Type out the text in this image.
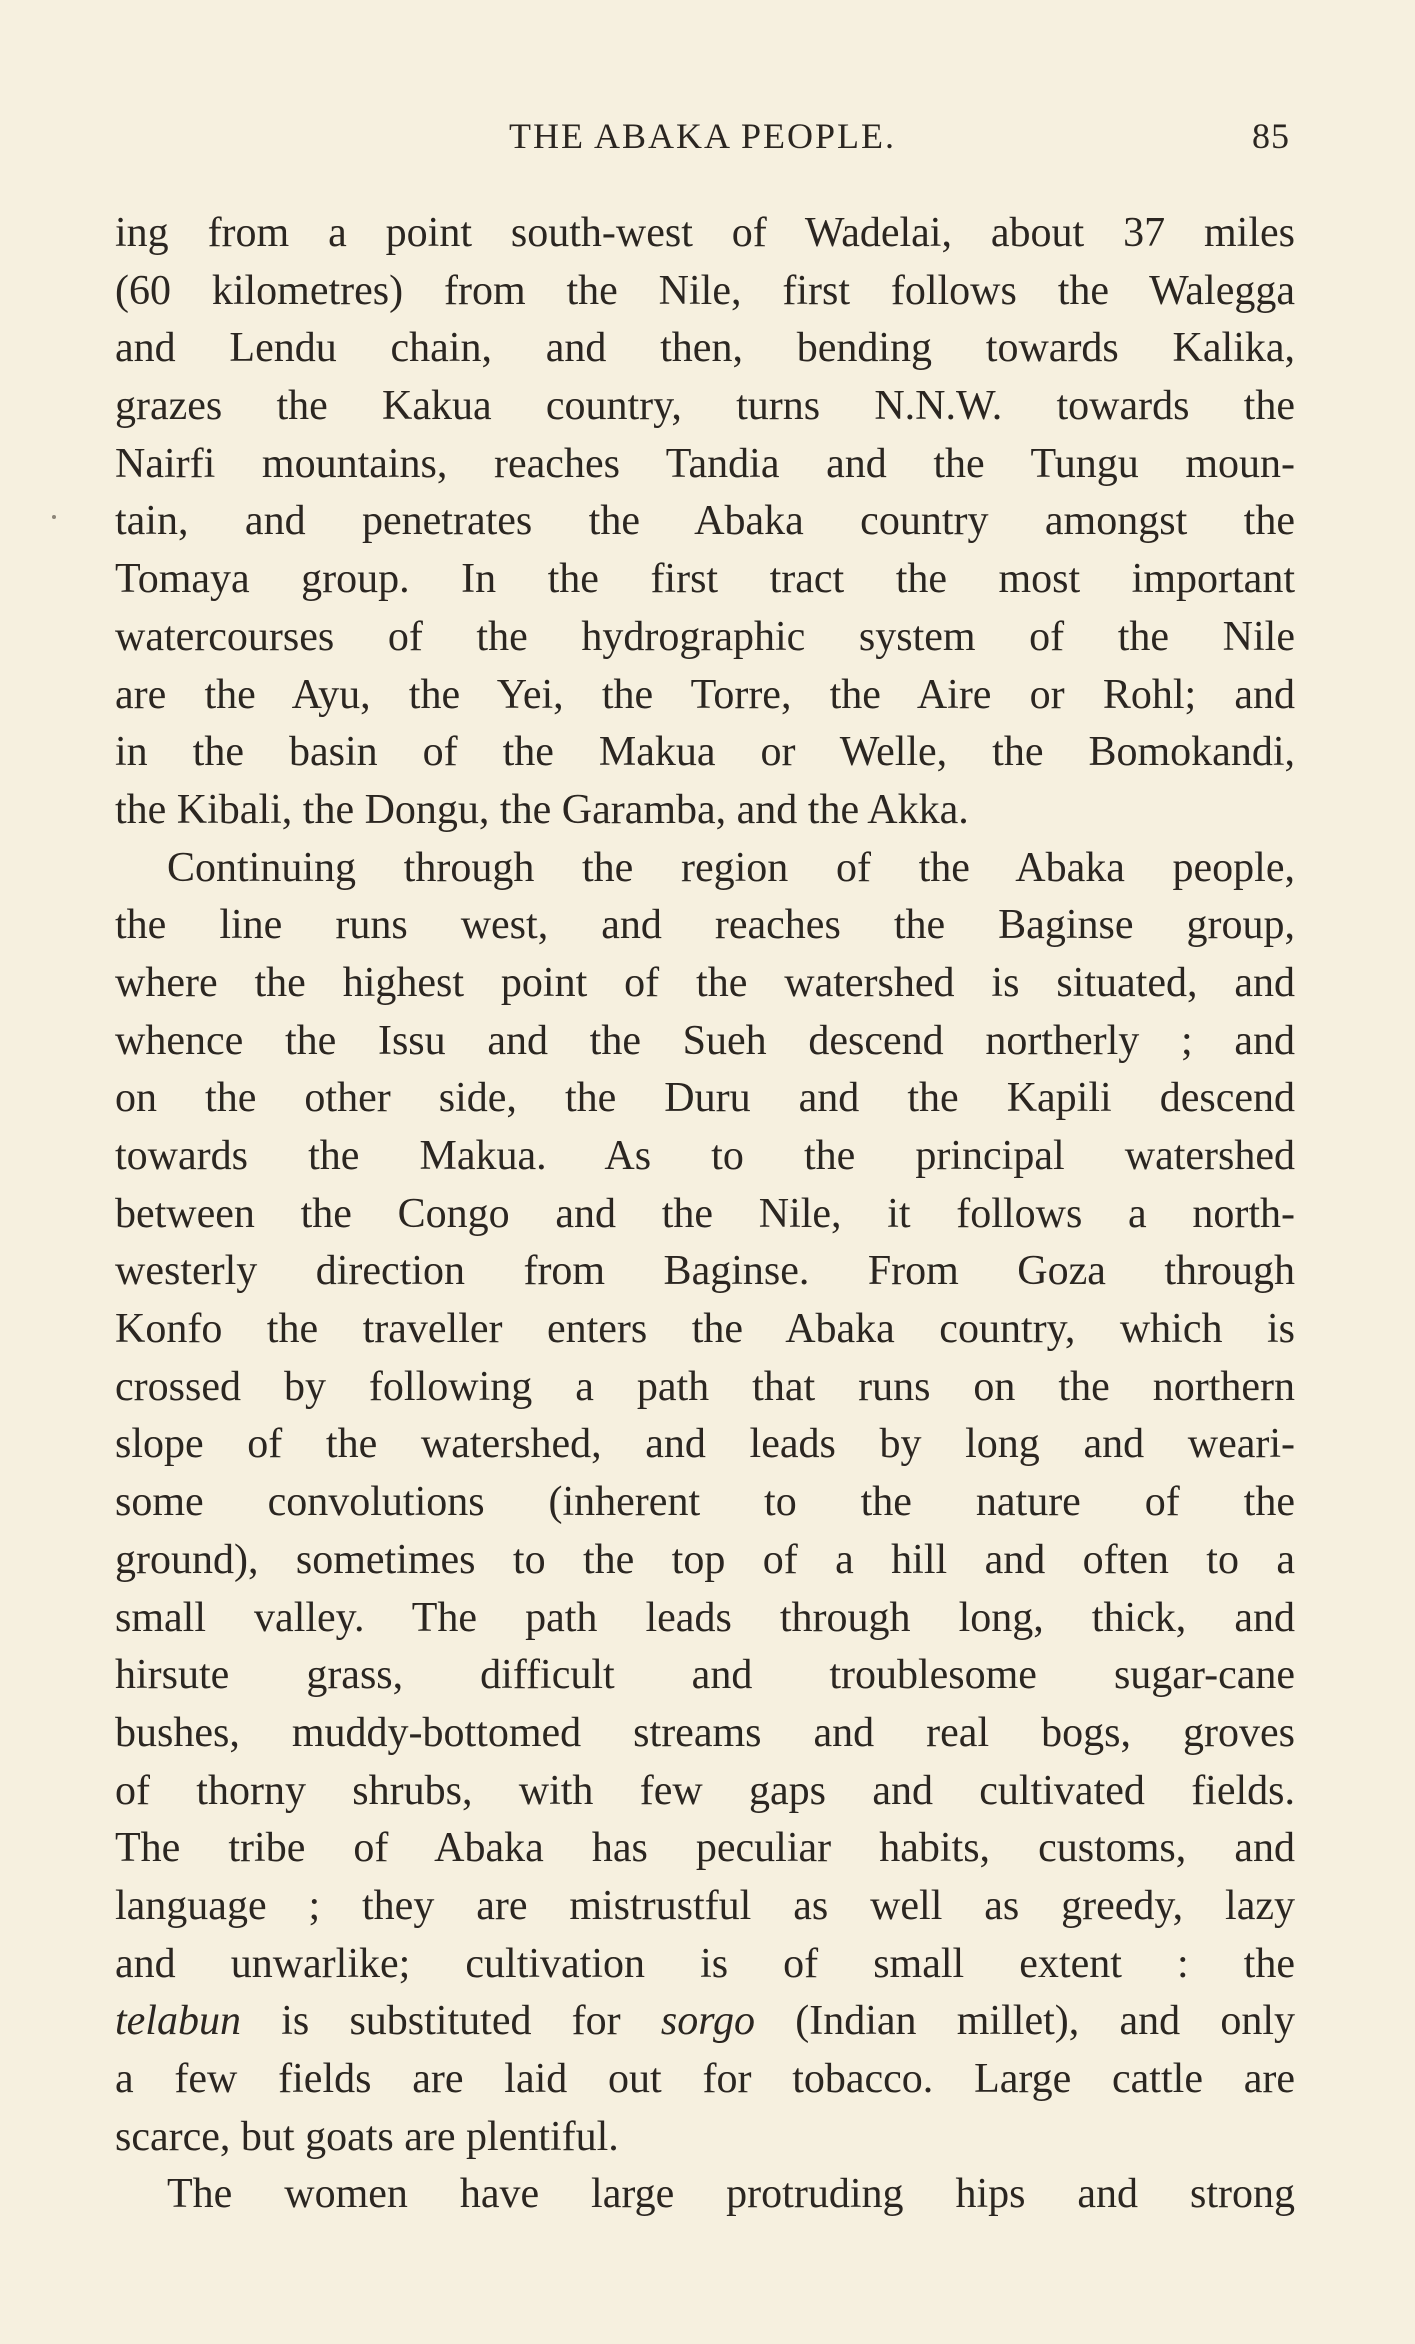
THE ABAKA PEOPLE.	85
ing from a point south-west of Wadelai, about 37 miles
(60 kilometres) from the Nile, first follows the Walegga
and Lendu chain, and then, bending towards Kalika,
grazes the Kakua country, turns N.N.W. towards the
Nairfi mountains, reaches Tandia and the Tungu moun-
tain, and penetrates the Abaka country amongst the
Tomaya group. In the first tract the most important
watercourses of the hydrographic system of the Nile
are the Ayu, the Yei, the Torre, the Aire or Rohl; and
in the basin of the Makua or Welle, the Bomokandi,
the Kibali, the Dongu, the Garamba, and the Akka.
Continuing through the region of the Abaka people,
the line runs west, and reaches the Baginse group,
where the highest point of the watershed is situated, and
whence the Issu and the Sueh descend northerly ; and
on the other side, the Duru and the Kapili descend
towards the Makua. As to the principal watershed
between the Congo and the Nile, it follows a north-
westerly direction from Baginse. From Goza through
Konfo the traveller enters the Abaka country, which is
crossed by following a path that runs on the northern
slope of the watershed, and leads by long and weari-
some convolutions (inherent to the nature of the
ground), sometimes to the top of a hill and often to a
small valley. The path leads through long, thick, and
hirsute grass, difficult and troublesome sugar-cane
bushes, muddy-bottomed streams and real bogs, groves
of thorny shrubs, with few gaps and cultivated fields.
The tribe of Abaka has peculiar habits, customs, and
language ; they are mistrustful as well as greedy, lazy
and unwarlike; cultivation is of small extent : the
telabun is substituted for sorgo (Indian millet), and only
a few fields are laid out for tobacco. Large cattle are
scarce, but goats are plentiful.
The women have large protruding hips and strong
